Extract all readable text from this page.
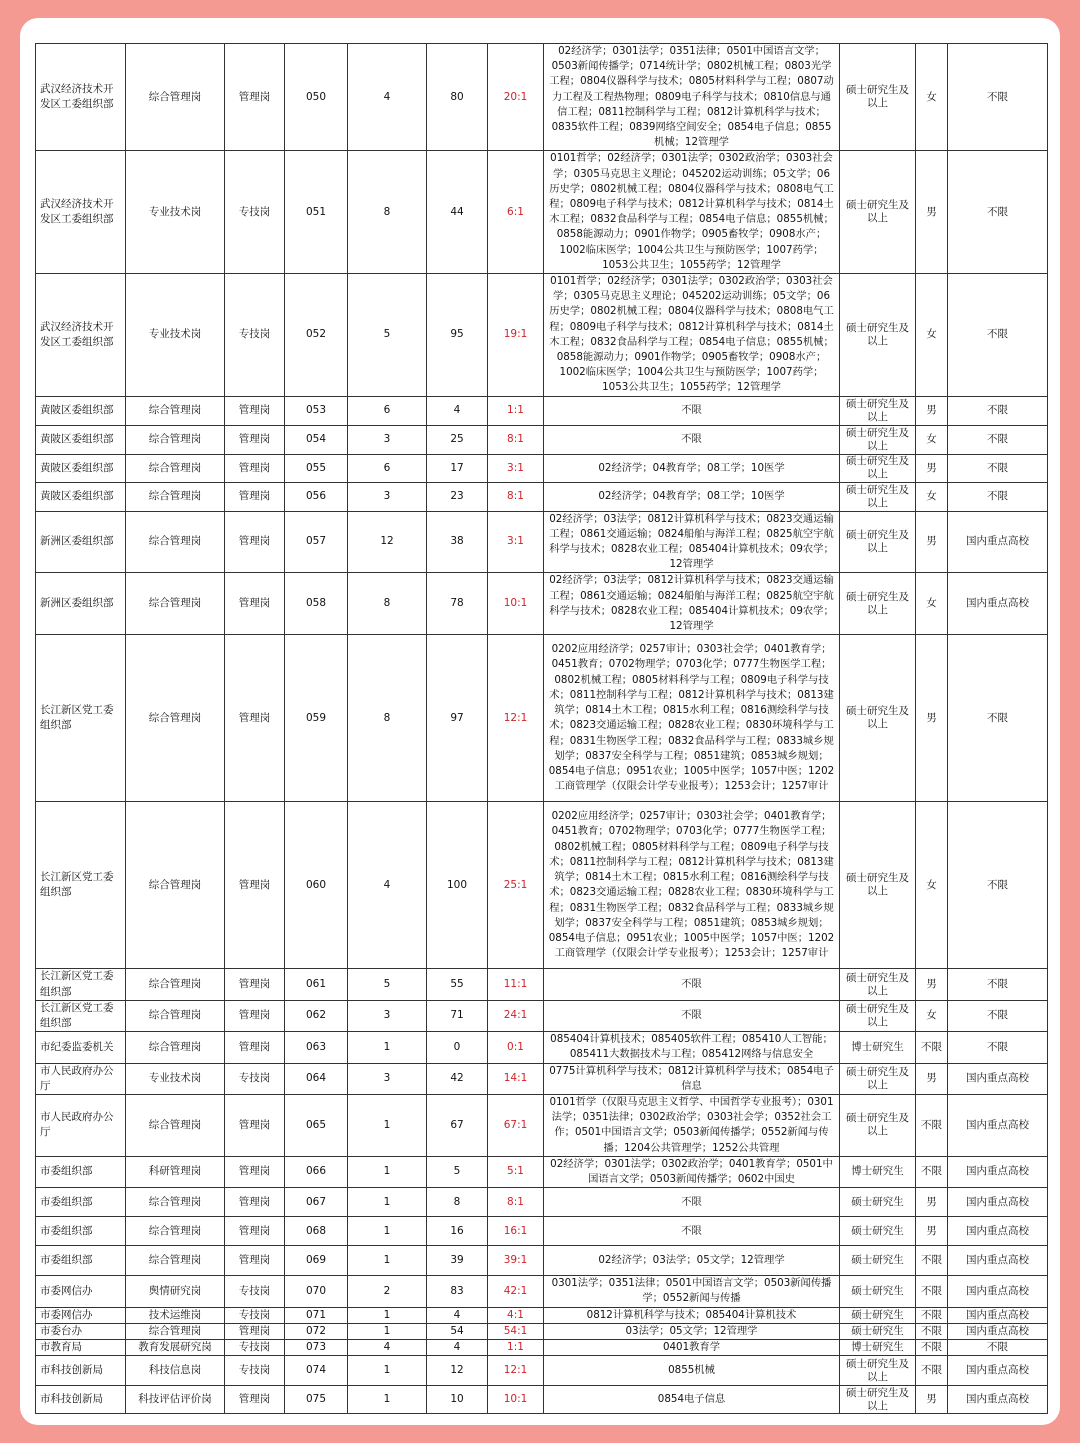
武汉经济技术开发区工委组织部	综合管理岗	管理岗	050	4	80	20:1	02经济学；0301法学；0351法律；0501中国语言文学；0503新闻传播学；0714统计学；0802机械工程；0803光学工程；0804仪器科学与技术；0805材料科学与工程；0807动力工程及工程热物理；0809电子科学与技术；0810信息与通信工程；0811控制科学与工程；0812计算机科学与技术；0835软件工程；0839网络空间安全；0854电子信息；0855机械；12管理学	硕士研究生及以上	女	不限
武汉经济技术开发区工委组织部	专业技术岗	专技岗	051	8	44	6:1	0101哲学；02经济学；0301法学；0302政治学；0303社会学；0305马克思主义理论；045202运动训练；05文学；06历史学；0802机械工程；0804仪器科学与技术；0808电气工程；0809电子科学与技术；0812计算机科学与技术；0814土木工程；0832食品科学与工程；0854电子信息；0855机械；0858能源动力；0901作物学；0905畜牧学；0908水产；1002临床医学；1004公共卫生与预防医学；1007药学；1053公共卫生；1055药学；12管理学	硕士研究生及以上	男	不限
武汉经济技术开发区工委组织部	专业技术岗	专技岗	052	5	95	19:1	0101哲学；02经济学；0301法学；0302政治学；0303社会学；0305马克思主义理论；045202运动训练；05文学；06历史学；0802机械工程；0804仪器科学与技术；0808电气工程；0809电子科学与技术；0812计算机科学与技术；0814土木工程；0832食品科学与工程；0854电子信息；0855机械；0858能源动力；0901作物学；0905畜牧学；0908水产；1002临床医学；1004公共卫生与预防医学；1007药学；1053公共卫生；1055药学；12管理学	硕士研究生及以上	女	不限
黄陂区委组织部	综合管理岗	管理岗	053	6	4	1:1	不限	硕士研究生及以上	男	不限
黄陂区委组织部	综合管理岗	管理岗	054	3	25	8:1	不限	硕士研究生及以上	女	不限
黄陂区委组织部	综合管理岗	管理岗	055	6	17	3:1	02经济学；04教育学；08工学；10医学	硕士研究生及以上	男	不限
黄陂区委组织部	综合管理岗	管理岗	056	3	23	8:1	02经济学；04教育学；08工学；10医学	硕士研究生及以上	女	不限
新洲区委组织部	综合管理岗	管理岗	057	12	38	3:1	02经济学；03法学；0812计算机科学与技术；0823交通运输工程；0861交通运输；0824船舶与海洋工程；0825航空宇航科学与技术；0828农业工程；085404计算机技术；09农学；12管理学	硕士研究生及以上	男	国内重点高校
新洲区委组织部	综合管理岗	管理岗	058	8	78	10:1	02经济学；03法学；0812计算机科学与技术；0823交通运输工程；0861交通运输；0824船舶与海洋工程；0825航空宇航科学与技术；0828农业工程；085404计算机技术；09农学；12管理学	硕士研究生及以上	女	国内重点高校
长江新区党工委组织部	综合管理岗	管理岗	059	8	97	12:1	0202应用经济学；0257审计；0303社会学；0401教育学；0451教育；0702物理学；0703化学；0777生物医学工程；0802机械工程；0805材料科学与工程；0809电子科学与技术；0811控制科学与工程；0812计算机科学与技术；0813建筑学；0814土木工程；0815水利工程；0816测绘科学与技术；0823交通运输工程；0828农业工程；0830环境科学与工程；0831生物医学工程；0832食品科学与工程；0833城乡规划学；0837安全科学与工程；0851建筑；0853城乡规划；0854电子信息；0951农业；1005中医学；1057中医；1202工商管理学（仅限会计学专业报考）；1253会计；1257审计	硕士研究生及以上	男	不限
长江新区党工委组织部	综合管理岗	管理岗	060	4	100	25:1	0202应用经济学；0257审计；0303社会学；0401教育学；0451教育；0702物理学；0703化学；0777生物医学工程；0802机械工程；0805材料科学与工程；0809电子科学与技术；0811控制科学与工程；0812计算机科学与技术；0813建筑学；0814土木工程；0815水利工程；0816测绘科学与技术；0823交通运输工程；0828农业工程；0830环境科学与工程；0831生物医学工程；0832食品科学与工程；0833城乡规划学；0837安全科学与工程；0851建筑；0853城乡规划；0854电子信息；0951农业；1005中医学；1057中医；1202工商管理学（仅限会计学专业报考）；1253会计；1257审计	硕士研究生及以上	女	不限
长江新区党工委组织部	综合管理岗	管理岗	061	5	55	11:1	不限	硕士研究生及以上	男	不限
长江新区党工委组织部	综合管理岗	管理岗	062	3	71	24:1	不限	硕士研究生及以上	女	不限
市纪委监委机关	综合管理岗	管理岗	063	1	0	0:1	085404计算机技术；085405软件工程；085410人工智能；085411大数据技术与工程；085412网络与信息安全	博士研究生	不限	不限
市人民政府办公厅	专业技术岗	专技岗	064	3	42	14:1	0775计算机科学与技术；0812计算机科学与技术；0854电子信息	硕士研究生及以上	男	国内重点高校
市人民政府办公厅	综合管理岗	管理岗	065	1	67	67:1	0101哲学（仅限马克思主义哲学、中国哲学专业报考）；0301法学；0351法律；0302政治学；0303社会学；0352社会工作；0501中国语言文学；0503新闻传播学；0552新闻与传播；1204公共管理学；1252公共管理	硕士研究生及以上	不限	国内重点高校
市委组织部	科研管理岗	管理岗	066	1	5	5:1	02经济学；0301法学；0302政治学；0401教育学；0501中国语言文学；0503新闻传播学；0602中国史	博士研究生	不限	国内重点高校
市委组织部	综合管理岗	管理岗	067	1	8	8:1	不限	硕士研究生	男	国内重点高校
市委组织部	综合管理岗	管理岗	068	1	16	16:1	不限	硕士研究生	男	国内重点高校
市委组织部	综合管理岗	管理岗	069	1	39	39:1	02经济学；03法学；05文学；12管理学	硕士研究生	不限	国内重点高校
市委网信办	舆情研究岗	专技岗	070	2	83	42:1	0301法学；0351法律；0501中国语言文学；0503新闻传播学；0552新闻与传播	硕士研究生	不限	国内重点高校
市委网信办	技术运维岗	专技岗	071	1	4	4:1	0812计算机科学与技术；085404计算机技术	硕士研究生	不限	国内重点高校
市委台办	综合管理岗	管理岗	072	1	54	54:1	03法学；05文学；12管理学	硕士研究生	不限	国内重点高校
市教育局	教育发展研究岗	专技岗	073	4	4	1:1	0401教育学	博士研究生	不限	不限
市科技创新局	科技信息岗	专技岗	074	1	12	12:1	0855机械	硕士研究生及以上	不限	国内重点高校
市科技创新局	科技评估评价岗	管理岗	075	1	10	10:1	0854电子信息	硕士研究生及以上	男	国内重点高校
